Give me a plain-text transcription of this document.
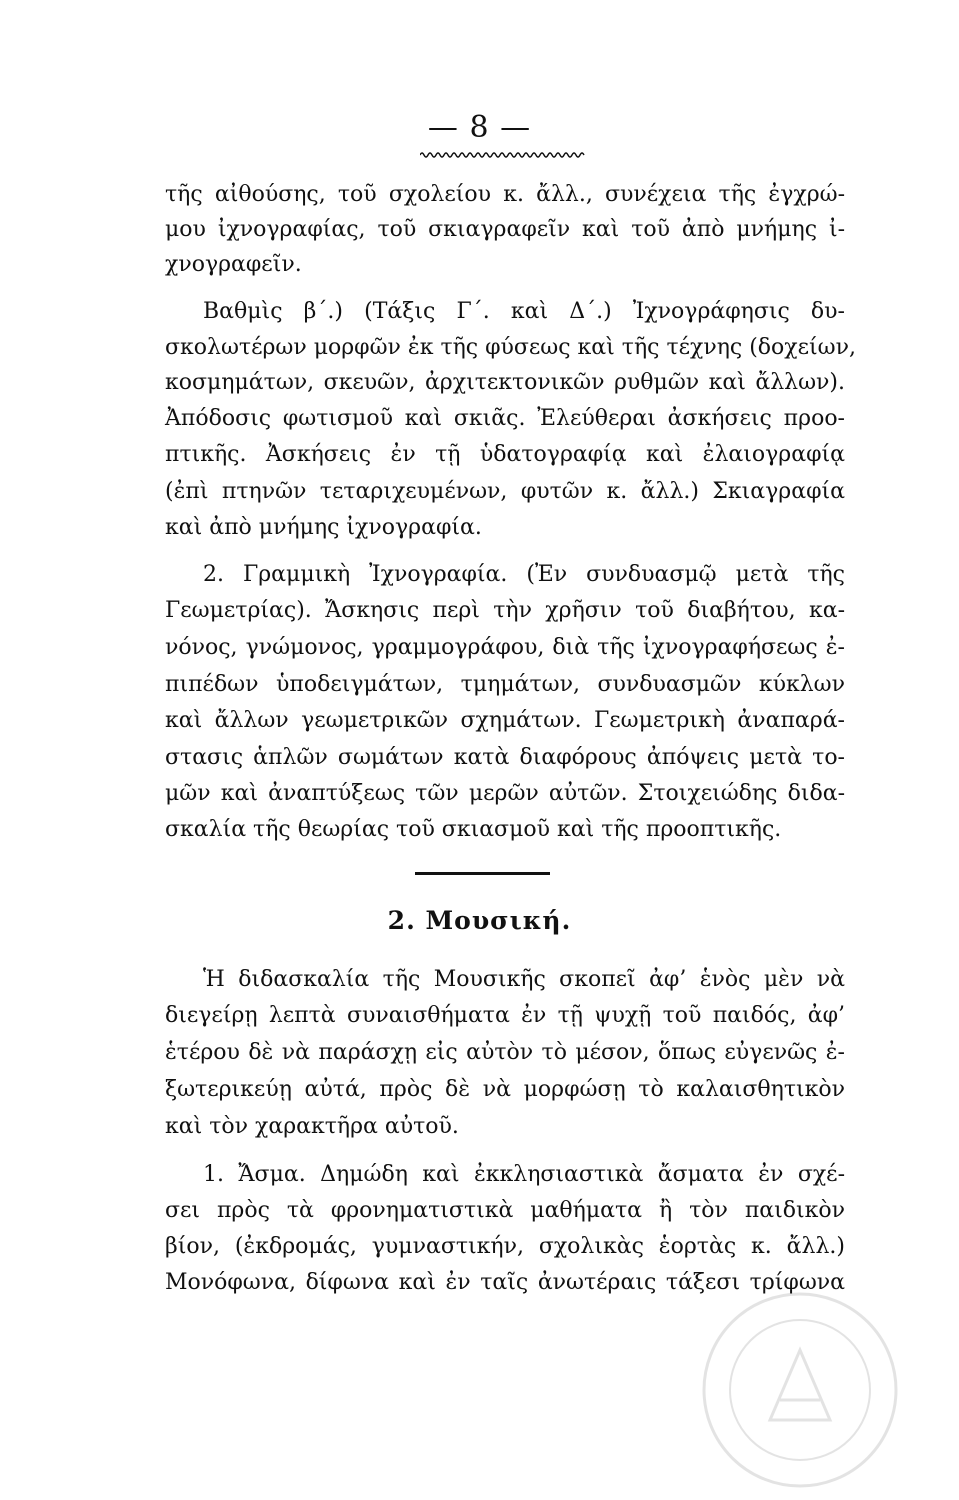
— 8 —
τῆς αἰθούσης, τοῦ σχολείου κ. ἄλλ., συνέχεια τῆς ἐγχρώ-
μου ἰχνογραφίας, τοῦ σκιαγραφεῖν καὶ τοῦ ἀπὸ μνήμης ἰ-
χνογραφεῖν.
Βαθμὶς β΄.) (Τάξις Γ΄. καὶ Δ΄.) Ἰχνογράφησις δυ-
σκολωτέρων μορφῶν ἐκ τῆς φύσεως καὶ τῆς τέχνης (δοχείων,
κοσμημάτων, σκευῶν, ἀρχιτεκτονικῶν ρυθμῶν καὶ ἄλλων).
Ἀπόδοσις φωτισμοῦ καὶ σκιᾶς. Ἐλεύθεραι ἀσκήσεις προο-
πτικῆς. Ἀσκήσεις ἐν τῇ ὑδατογραφίᾳ καὶ ἐλαιογραφίᾳ
(ἐπὶ πτηνῶν τεταριχευμένων, φυτῶν κ. ἄλλ.) Σκιαγραφία
καὶ ἀπὸ μνήμης ἰχνογραφία.
2. Γραμμικὴ Ἰχνογραφία. (Ἐν συνδυασμῷ μετὰ τῆς
Γεωμετρίας). Ἄσκησις περὶ τὴν χρῆσιν τοῦ διαβήτου, κα-
νόνος, γνώμονος, γραμμογράφου, διὰ τῆς ἰχνογραφήσεως ἐ-
πιπέδων ὑποδειγμάτων, τμημάτων, συνδυασμῶν κύκλων
καὶ ἄλλων γεωμετρικῶν σχημάτων. Γεωμετρικὴ ἀναπαρά-
στασις ἁπλῶν σωμάτων κατὰ διαφόρους ἀπόψεις μετὰ το-
μῶν καὶ ἀναπτύξεως τῶν μερῶν αὐτῶν. Στοιχειώδης διδα-
σκαλία τῆς θεωρίας τοῦ σκιασμοῦ καὶ τῆς προοπτικῆς.
2. Μουσική.
Ἡ διδασκαλία τῆς Μουσικῆς σκοπεῖ ἀφ’ ἑνὸς μὲν νὰ
διεγείρῃ λεπτὰ συναισθήματα ἐν τῇ ψυχῇ τοῦ παιδός, ἀφ’
ἑτέρου δὲ νὰ παράσχῃ εἰς αὐτὸν τὸ μέσον, ὅπως εὐγενῶς ἐ-
ξωτερικεύῃ αὐτά, πρὸς δὲ νὰ μορφώσῃ τὸ καλαισθητικὸν
καὶ τὸν χαρακτῆρα αὐτοῦ.
1. Ἄσμα. Δημώδη καὶ ἐκκλησιαστικὰ ἄσματα ἐν σχέ-
σει πρὸς τὰ φρονηματιστικὰ μαθήματα ἢ τὸν παιδικὸν
βίον, (ἐκδρομάς, γυμναστικήν, σχολικὰς ἑορτὰς κ. ἄλλ.)
Μονόφωνα, δίφωνα καὶ ἐν ταῖς ἀνωτέραις τάξεσι τρίφωνα
